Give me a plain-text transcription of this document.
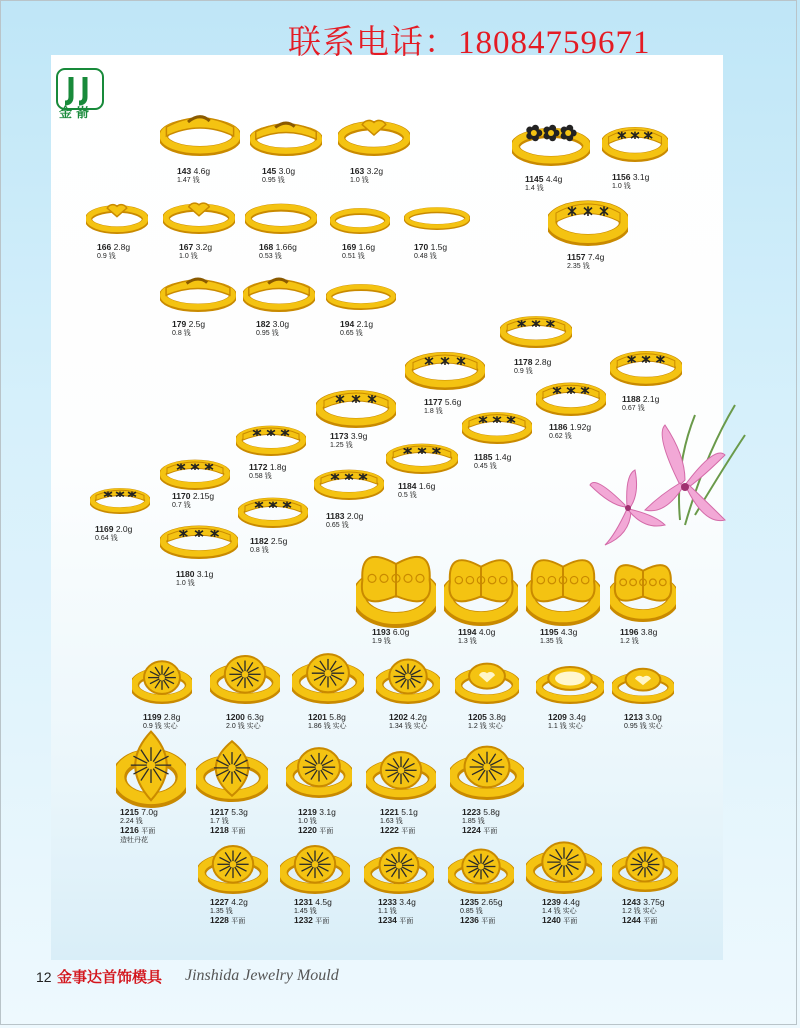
联系电话：18084759671
金嵛
143 4.6g
1.47 钱
145 3.0g
0.95 钱
163 3.2g
1.0 钱	1145 4.4g
1.4 钱
1156 3.1g
1.0 钱
166 2.8g
0.9 钱
167 3.2g
1.0 钱
168 1.66g
0.53 钱
169 1.6g
0.51 钱
170 1.5g
0.48 钱	1157 7.4g
2.35 钱
179 2.5g
0.8 钱
182 3.0g
0.95 钱
194 2.1g
0.65 钱
1178 2.8g
0.9 钱
1177 5.6g
1.8 钱
1188 2.1g
0.67 钱
1173 3.9g
1.25 钱
1186 1.92g
0.62 钱
1185 1.4g
0.45 钱
1172 1.8g
0.58 钱
1184 1.6g
0.5 钱
1170 2.15g
0.7 钱
1183 2.0g
0.65 钱
1169 2.0g
0.64 钱	1182 2.5g
0.8 钱
1180 3.1g
1.0 钱
1193 6.0g
1.9 钱
1194 4.0g
1.3 钱
1195 4.3g
1.35 钱
1196 3.8g
1.2 钱
1199 2.8g
0.9 钱 实心
1200 6.3g
2.0 钱 实心
1201 5.8g
1.86 钱 实心
1202 4.2g
1.34 钱 实心
1205 3.8g
1.2 钱 实心
1209 3.4g
1.1 钱 实心
1213 3.0g
0.95 钱 实心
1215 7.0g
2.24 钱
1216 平面
造牡丹花
1217 5.3g
1.7 钱
1218 平面
1219 3.1g
1.0 钱
1220 平面
1221 5.1g
1.63 钱
1222 平面
1223 5.8g
1.85 钱
1224 平面
1227 4.2g
1.35 钱
1228 平面
1231 4.5g
1.45 钱
1232 平面
1233 3.4g
1.1 钱
1234 平面
1235 2.65g
0.85 钱
1236 平面
1239 4.4g
1.4 钱 实心
1240 平面
1243 3.75g
1.2 钱 实心
1244 平面
12 金事达首饰模具 Jinshida Jewelry Mould
